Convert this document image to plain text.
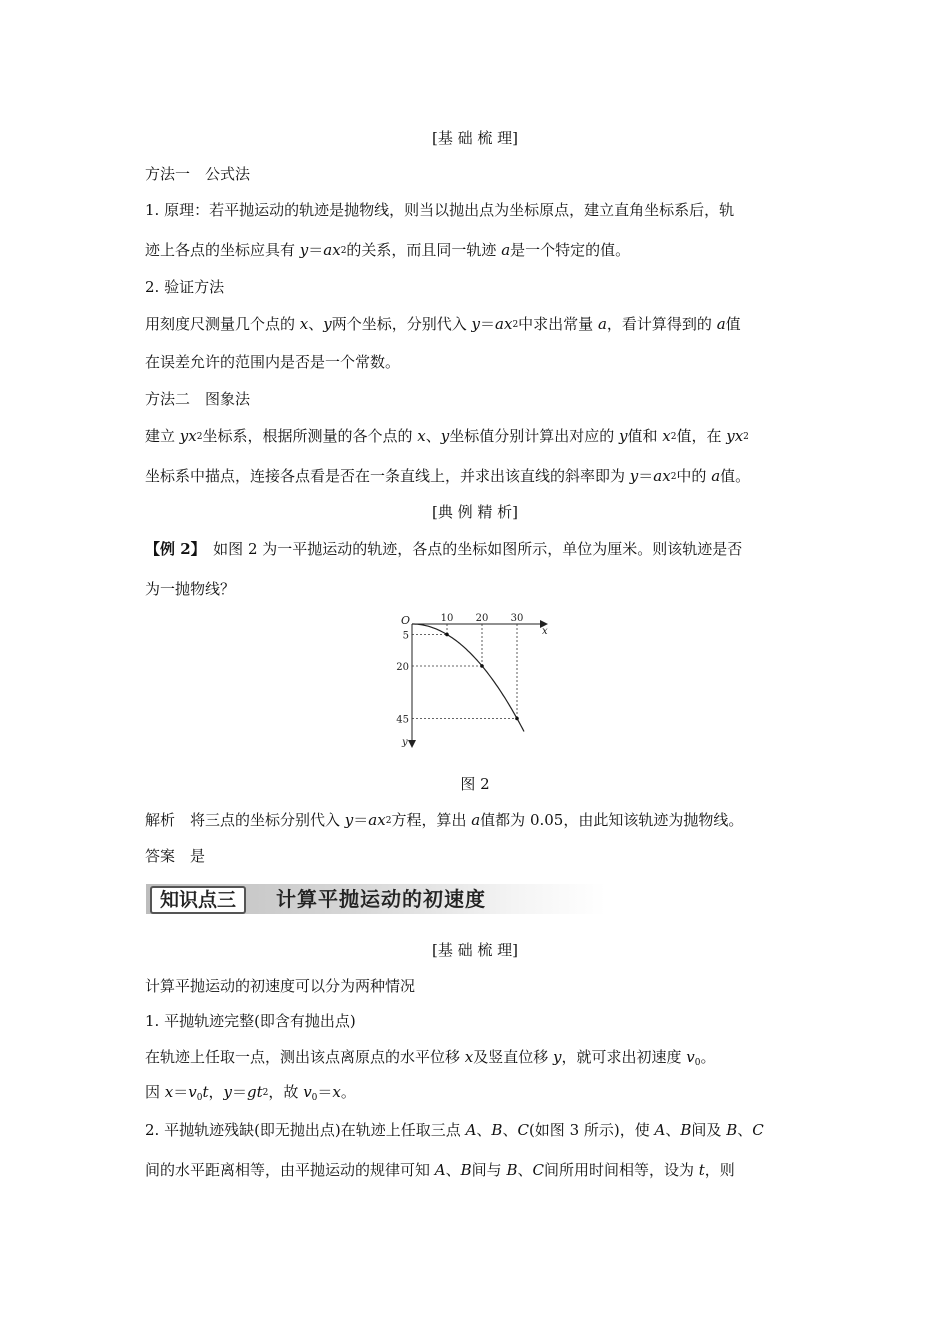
[基 础 梳 理]
方法一　公式法
1. 原理：若平抛运动的轨迹是抛物线，则当以抛出点为坐标原点，建立直角坐标系后，轨
迹上各点的坐标应具有 $y=ax^2$的关系，而且同一轨迹 a是一个特定的值。
2. 验证方法
用刻度尺测量几个点的 x、y两个坐标，分别代入 $y=ax^2$中求出常量 a，看计算得到的 a值
在误差允许的范围内是否是一个常数。
方法二　图象法
建立 $yx^2$坐标系，根据所测量的各个点的 x、y坐标值分别计算出对应的 y值和 $x^2$值，在 $yx^2$
坐标系中描点，连接各点看是否在一条直线上，并求出该直线的斜率即为 $y=ax^2$中的 a值。
[典 例 精 析]
【例 2】　如图 2 为一平抛运动的轨迹，各点的坐标如图所示，单位为厘米。则该轨迹是否
为一抛物线？
O
x
y
10 20 30
5
20
45
图 2
解析　将三点的坐标分别代入 $y=ax^2$方程，算出 a值都为 0.05，由此知该轨迹为抛物线。
答案　是
知识点三	计算平抛运动的初速度
[基 础 梳 理]
计算平抛运动的初速度可以分为两种情况
1. 平抛轨迹完整(即含有抛出点)
在轨迹上任取一点，测出该点离原点的水平位移 x及竖直位移 y，就可求出初速度 $v_0$。
因 $x=v_0t$，$y=gt^2$，故 $v_0=x$。
2. 平抛轨迹残缺(即无抛出点)在轨迹上任取三点 A、B、C(如图 3 所示)，使 A、B间及 B、C
间的水平距离相等，由平抛运动的规律可知 A、B间与 B、C间所用时间相等，设为 t，则
